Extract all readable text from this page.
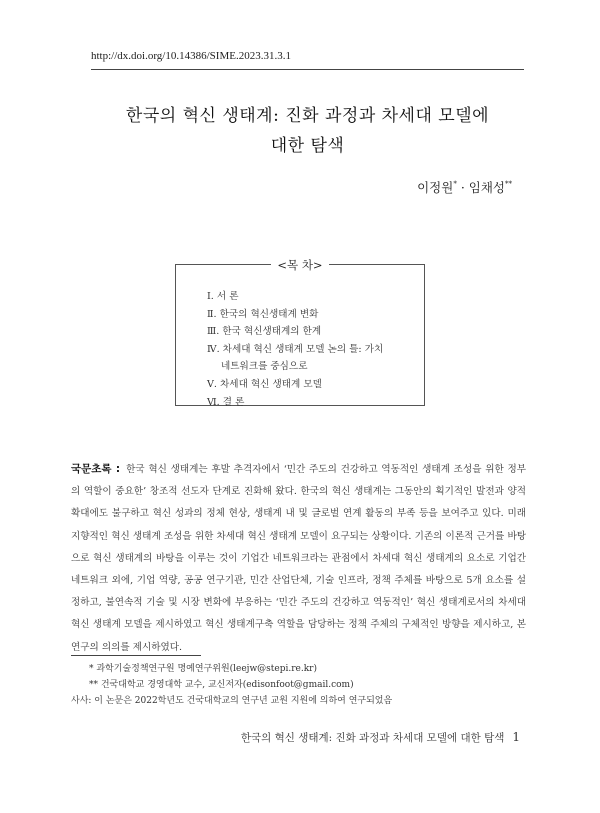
http://dx.doi.org/10.14386/SIME.2023.31.3.1
한국의 혁신 생태계: 진화 과정과 차세대 모델에
대한 탐색
이정원* · 임채성**
<목 차>
Ⅰ. 서 론
Ⅱ. 한국의 혁신생태계 변화
Ⅲ. 한국 혁신생태계의 한계
Ⅳ. 차세대 혁신 생태계 모델 논의 틀: 가치
네트워크를 중심으로
Ⅴ. 차세대 혁신 생태계 모델
Ⅵ. 결 론
국문초록 : 한국 혁신 생태계는 후발 추격자에서 ‘민간 주도의 건강하고 역동적인 생태계 조성을 위한 정부의 역할이 중요한’ 창조적 선도자 단계로 진화해 왔다. 한국의 혁신 생태계는 그동안의 획기적인 발전과 양적 확대에도 불구하고 혁신 성과의 정체 현상, 생태계 내 및 글로벌 연계 활동의 부족 등을 보여주고 있다. 미래 지향적인 혁신 생태계 조성을 위한 차세대 혁신 생태계 모델이 요구되는 상황이다. 기존의 이론적 근거를 바탕으로 혁신 생태계의 바탕을 이루는 것이 기업간 네트워크라는 관점에서 차세대 혁신 생태계의 요소로 기업간 네트워크 외에, 기업 역량, 공공 연구기관, 민간 산업단체, 기술 인프라, 정책 주체를 바탕으로 5개 요소를 설정하고, 불연속적 기술 및 시장 변화에 부응하는 ‘민간 주도의 건강하고 역동적인’ 혁신 생태계로서의 차세대 혁신 생태계 모델을 제시하였고 혁신 생태계구축 역할을 담당하는 정책 주체의 구체적인 방향을 제시하고, 본 연구의 의의를 제시하였다.
* 과학기술정책연구원 명예연구위원(leejw@stepi.re.kr)
** 건국대학교 경영대학 교수, 교신저자(edisonfoot@gmail.com)
사사: 이 논문은 2022학년도 건국대학교의 연구년 교원 지원에 의하여 연구되었음
한국의 혁신 생태계: 진화 과정과 차세대 모델에 대한 탐색 1
